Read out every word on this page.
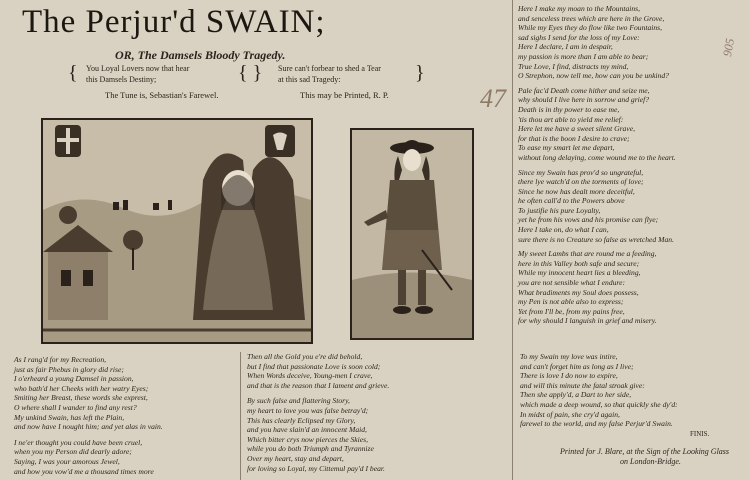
The Perjur'd SWAIN;
OR, The Damsels Bloody Tragedy.
{ You Loyal Lovers now that hear
this Damsels Destiny;	{ } Sure can't forbear to shed a Tear
at this sad Tragedy:	}
The Tune is, Sebastian's Farewel.	This may be Printed, R. P.	47
905
Here I make my moan to the Mountains,
and senceless trees which are here in the Grove,
While my Eyes they do flow like two Fountains,
sad sighs I send for the loss of my Love:
Here I declare, I am in despair,
my passion is more than I am able to bear;
True Love, I find, distracts my mind,
O Strephon, now tell me, how can you be unkind?
Pale fac'd Death come hither and seize me,
why should I live here in sorrow and grief?
Death is in thy power to ease me,
'tis thou art able to yield me relief:
Here let me have a sweet silent Grave,
for that is the boon I desire to crave;
To ease my smart let me depart,
without long delaying, come wound me to the heart.
Since my Swain has prov'd so ungrateful,
there lye watch'd on the torments of love;
Since he now has dealt more deceitful,
he often call'd to the Powers above
To justifie his pure Loyalty,
yet he from his vows and his promise can flye;
Here I take on, do what I can,
sure there is no Creature so false as wretched Man.
My sweet Lambs that are round me a feeding,
here in this Valley both safe and secure;
While my innocent heart lies a bleeding,
you are not sensible what I endure:
What bradiments my Soul does possess,
my Pen is not able also to express;
Yet from I'll be, from my pains free,
for why should I languish in grief and misery.
As I rang'd for my Recreation,
just as fair Phebus in glory did rise;
I o'erheard a young Damsel in passion,
who bath'd her Cheeks with her watry Eyes;
Smiting her Breast, these words she exprest,
O where shall I wander to find any rest?
My unkind Swain, has left the Plain,
and now have I nought him; and yet alas in vain.
I ne'er thought you could have been cruel,
when you my Person did dearly adore;
Saying, I was your amorous Jewel,
and how you vow'd me a thousand times more
Then all the Gold you e're did behold,
but I find that passionate Love is soon cold;
When Words deceive, Young-men I crave,
and that is the reason that I lament and grieve.
By such false and flattering Story,
my heart to love you was false betray'd;
This has clearly Eclipsed my Glory,
and you have slain'd an innocent Maid,
Which bitter crys now pierces the Skies,
while you do both Triumph and Tyrannize
Over my heart, stay and depart,
for loving so Loyal, my Cittemul pay'd I bear.
To my Swain my love was intire,
and can't forget him as long as I live;
There is love I do now to expire,
and will this minute the fatal stroak give:
Then she apply'd, a Dart to her side,
which made a deep wound, so that quickly she dy'd:
In midst of pain, she cry'd again,
farewel to the world, and my false Perjur'd Swain.
FINIS.
Printed for J. Blare, at the Sign of the Looking Glass
on London-Bridge.
